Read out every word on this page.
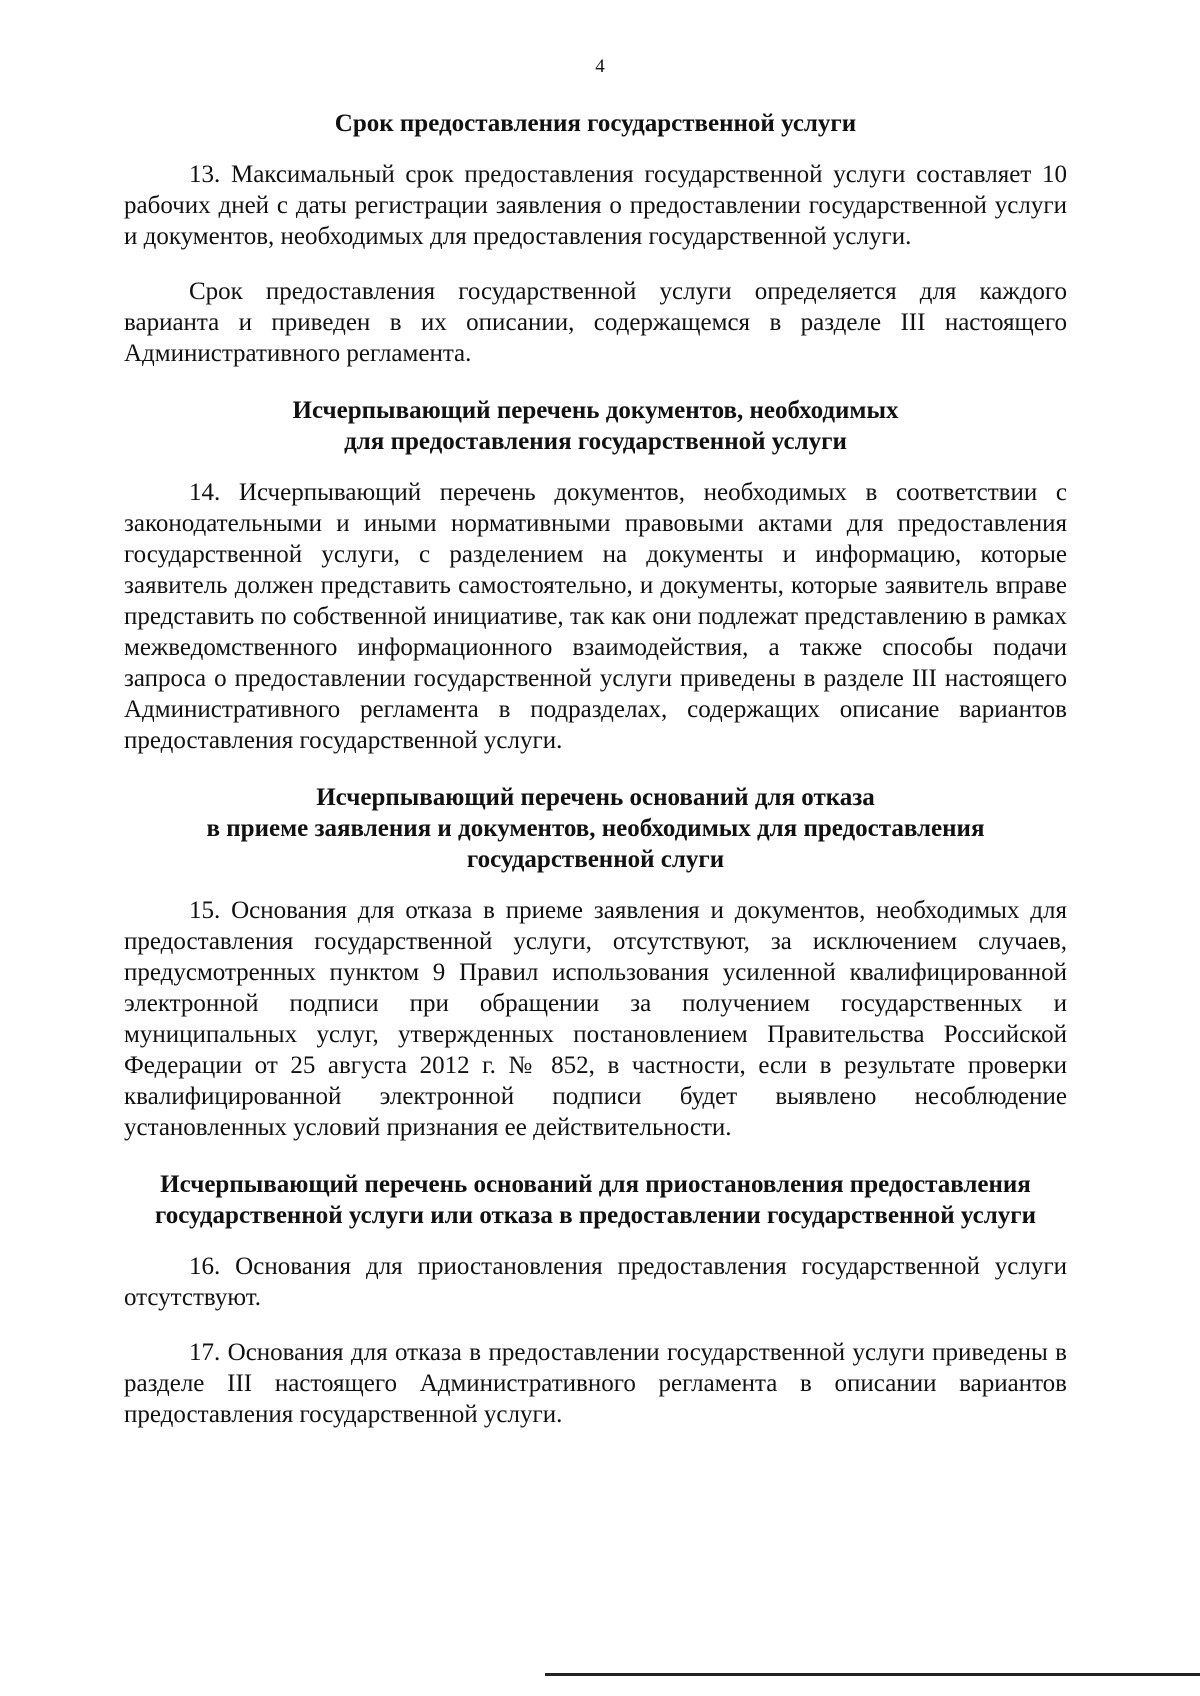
4
Срок предоставления государственной услуги

13. Максимальный срок предоставления государственной услуги составляет 10 рабочих дней с даты регистрации заявления о предоставлении государственной услуги и документов, необходимых для предоставления государственной услуги.

Срок предоставления государственной услуги определяется для каждого варианта и приведен в их описании, содержащемся в разделе III настоящего Административного регламента.

Исчерпывающий перечень документов, необходимых
для предоставления государственной услуги

14. Исчерпывающий перечень документов, необходимых в соответствии с законодательными и иными нормативными правовыми актами для предоставления государственной услуги, с разделением на документы и информацию, которые заявитель должен представить самостоятельно, и документы, которые заявитель вправе представить по собственной инициативе, так как они подлежат представлению в рамках межведомственного информационного взаимодействия, а также способы подачи запроса о предоставлении государственной услуги приведены в разделе III настоящего Административного регламента в подразделах, содержащих описание вариантов предоставления государственной услуги.

Исчерпывающий перечень оснований для отказа
в приеме заявления и документов, необходимых для предоставления
государственной слуги

15. Основания для отказа в приеме заявления и документов, необходимых для предоставления государственной услуги, отсутствуют, за исключением случаев, предусмотренных пунктом 9 Правил использования усиленной квалифицированной электронной подписи при обращении за получением государственных и муниципальных услуг, утвержденных постановлением Правительства Российской Федерации от 25 августа 2012 г. № 852, в частности, если в результате проверки квалифицированной электронной подписи будет выявлено несоблюдение установленных условий признания ее действительности.

Исчерпывающий перечень оснований для приостановления предоставления
государственной услуги или отказа в предоставлении государственной услуги

16. Основания для приостановления предоставления государственной услуги отсутствуют.

17. Основания для отказа в предоставлении государственной услуги приведены в разделе III настоящего Административного регламента в описании вариантов предоставления государственной услуги.
